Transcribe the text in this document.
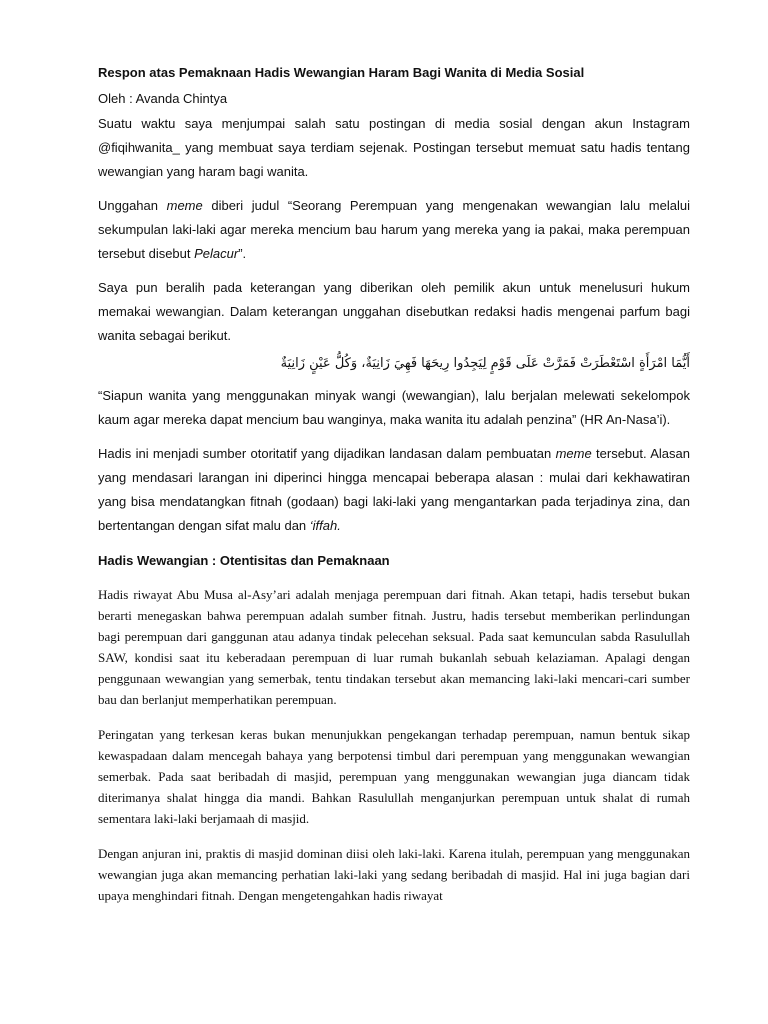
Respon atas Pemaknaan Hadis Wewangian Haram Bagi Wanita di Media Sosial

Oleh : Avanda Chintya

Suatu waktu saya menjumpai salah satu postingan di media sosial dengan akun Instagram @fiqihwanita_ yang membuat saya terdiam sejenak. Postingan tersebut memuat satu hadis tentang wewangian yang haram bagi wanita.

Unggahan meme diberi judul “Seorang Perempuan yang mengenakan wewangian lalu melalui sekumpulan laki-laki agar mereka mencium bau harum yang mereka yang ia pakai, maka perempuan tersebut disebut Pelacur”.

Saya pun beralih pada keterangan yang diberikan oleh pemilik akun untuk menelusuri hukum memakai wewangian. Dalam keterangan unggahan disebutkan redaksi hadis mengenai parfum bagi wanita sebagai berikut.

أَيُّمَا امْرَأَةٍ اسْتَعْطَرَتْ فَمَرَّتْ عَلَى قَوْمٍ لِيَجِدُوا رِيحَهَا فَهِيَ زَانِيَةٌ، وَكُلُّ عَيْنٍ زَانِيَةٌ

“Siapun wanita yang menggunakan minyak wangi (wewangian), lalu berjalan melewati sekelompok kaum agar mereka dapat mencium bau wanginya, maka wanita itu adalah penzina” (HR An-Nasa’i).

Hadis ini menjadi sumber otoritatif yang dijadikan landasan dalam pembuatan meme tersebut. Alasan yang mendasari larangan ini diperinci hingga mencapai beberapa alasan : mulai dari kekhawatiran yang bisa mendatangkan fitnah (godaan) bagi laki-laki yang mengantarkan pada terjadinya zina, dan bertentangan dengan sifat malu dan ‘iffah.

Hadis Wewangian : Otentisitas dan Pemaknaan

Hadis riwayat Abu Musa al-Asy’ari adalah menjaga perempuan dari fitnah. Akan tetapi, hadis tersebut bukan berarti menegaskan bahwa perempuan adalah sumber fitnah. Justru, hadis tersebut memberikan perlindungan bagi perempuan dari ganggunan atau adanya tindak pelecehan seksual. Pada saat kemunculan sabda Rasulullah SAW, kondisi saat itu keberadaan perempuan di luar rumah bukanlah sebuah kelaziaman. Apalagi dengan penggunaan wewangian yang semerbak, tentu tindakan tersebut akan memancing laki-laki mencari-cari sumber bau dan berlanjut memperhatikan perempuan.

Peringatan yang terkesan keras bukan menunjukkan pengekangan terhadap perempuan, namun bentuk sikap kewaspadaan dalam mencegah bahaya yang berpotensi timbul dari perempuan yang menggunakan wewangian semerbak. Pada saat beribadah di masjid, perempuan yang menggunakan wewangian juga diancam tidak diterimanya shalat hingga dia mandi. Bahkan Rasulullah menganjurkan perempuan untuk shalat di rumah sementara laki-laki berjamaah di masjid.

Dengan anjuran ini, praktis di masjid dominan diisi oleh laki-laki. Karena itulah, perempuan yang menggunakan wewangian juga akan memancing perhatian laki-laki yang sedang beribadah di masjid. Hal ini juga bagian dari upaya menghindari fitnah. Dengan mengetengahkan hadis riwayat
